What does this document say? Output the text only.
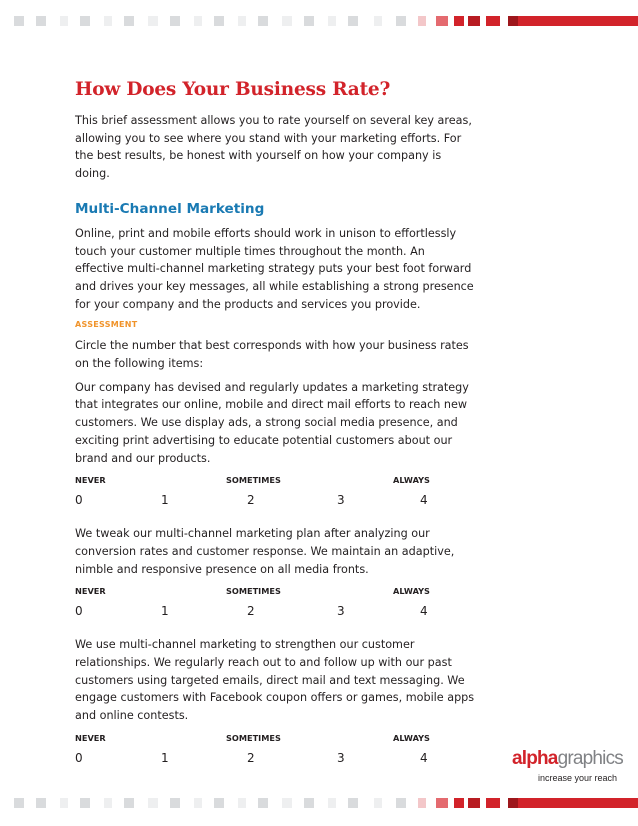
How Does Your Business Rate?

This brief assessment allows you to rate yourself on several key areas, allowing you to see where you stand with your marketing efforts. For the best results, be honest with yourself on how your company is doing.

Multi-Channel Marketing

Online, print and mobile efforts should work in unison to effortlessly touch your customer multiple times throughout the month. An effective multi-channel marketing strategy puts your best foot forward and drives your key messages, all while establishing a strong presence for your company and the products and services you provide.

ASSESSMENT

Circle the number that best corresponds with how your business rates on the following items:

Our company has devised and regularly updates a marketing strategy that integrates our online, mobile and direct mail efforts to reach new customers. We use display ads, a strong social media presence, and exciting print advertising to educate potential customers about our brand and our products.

NEVER	SOMETIMES	ALWAYS
0	1	2	3	4

We tweak our multi-channel marketing plan after analyzing our conversion rates and customer response. We maintain an adaptive, nimble and responsive presence on all media fronts.

NEVER	SOMETIMES	ALWAYS
0	1	2	3	4

We use multi-channel marketing to strengthen our customer relationships. We regularly reach out to and follow up with our past customers using targeted emails, direct mail and text messaging. We engage customers with Facebook coupon offers or games, mobile apps and online contests.

NEVER	SOMETIMES	ALWAYS
0	1	2	3	4	alphagraphics
increase your reach
